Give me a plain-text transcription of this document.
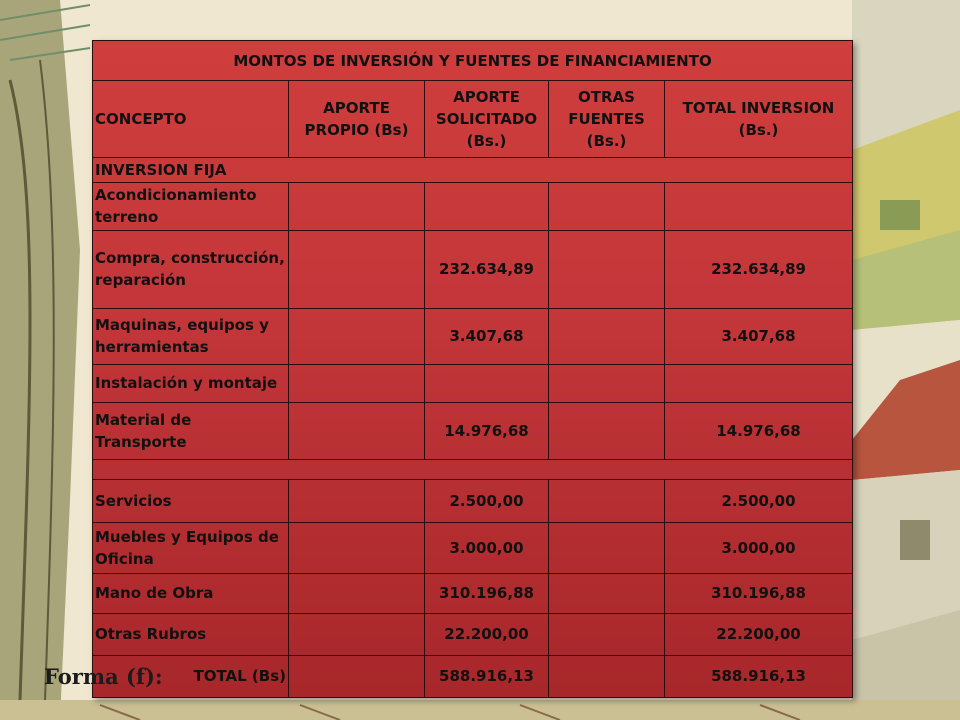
MONTOS DE INVERSIÓN Y FUENTES DE FINANCIAMIENTO				
CONCEPTO	APORTE PROPIO (Bs)	APORTE SOLICITADO (Bs.)	OTRAS FUENTES (Bs.)	TOTAL INVERSION (Bs.)
INVERSION FIJA				
Acondicionamiento terreno				
Compra, construcción, reparación		232.634,89		232.634,89
Maquinas, equipos y herramientas		3.407,68		3.407,68
Instalación y montaje				
Material de Transporte		14.976,68		14.976,68

Servicios		2.500,00		2.500,00
Muebles y Equipos de Oficina		3.000,00		3.000,00
Mano de Obra		310.196,88		310.196,88
Otras Rubros		22.200,00		22.200,00
TOTAL (Bs)		588.916,13		588.916,13
Forma (f):
